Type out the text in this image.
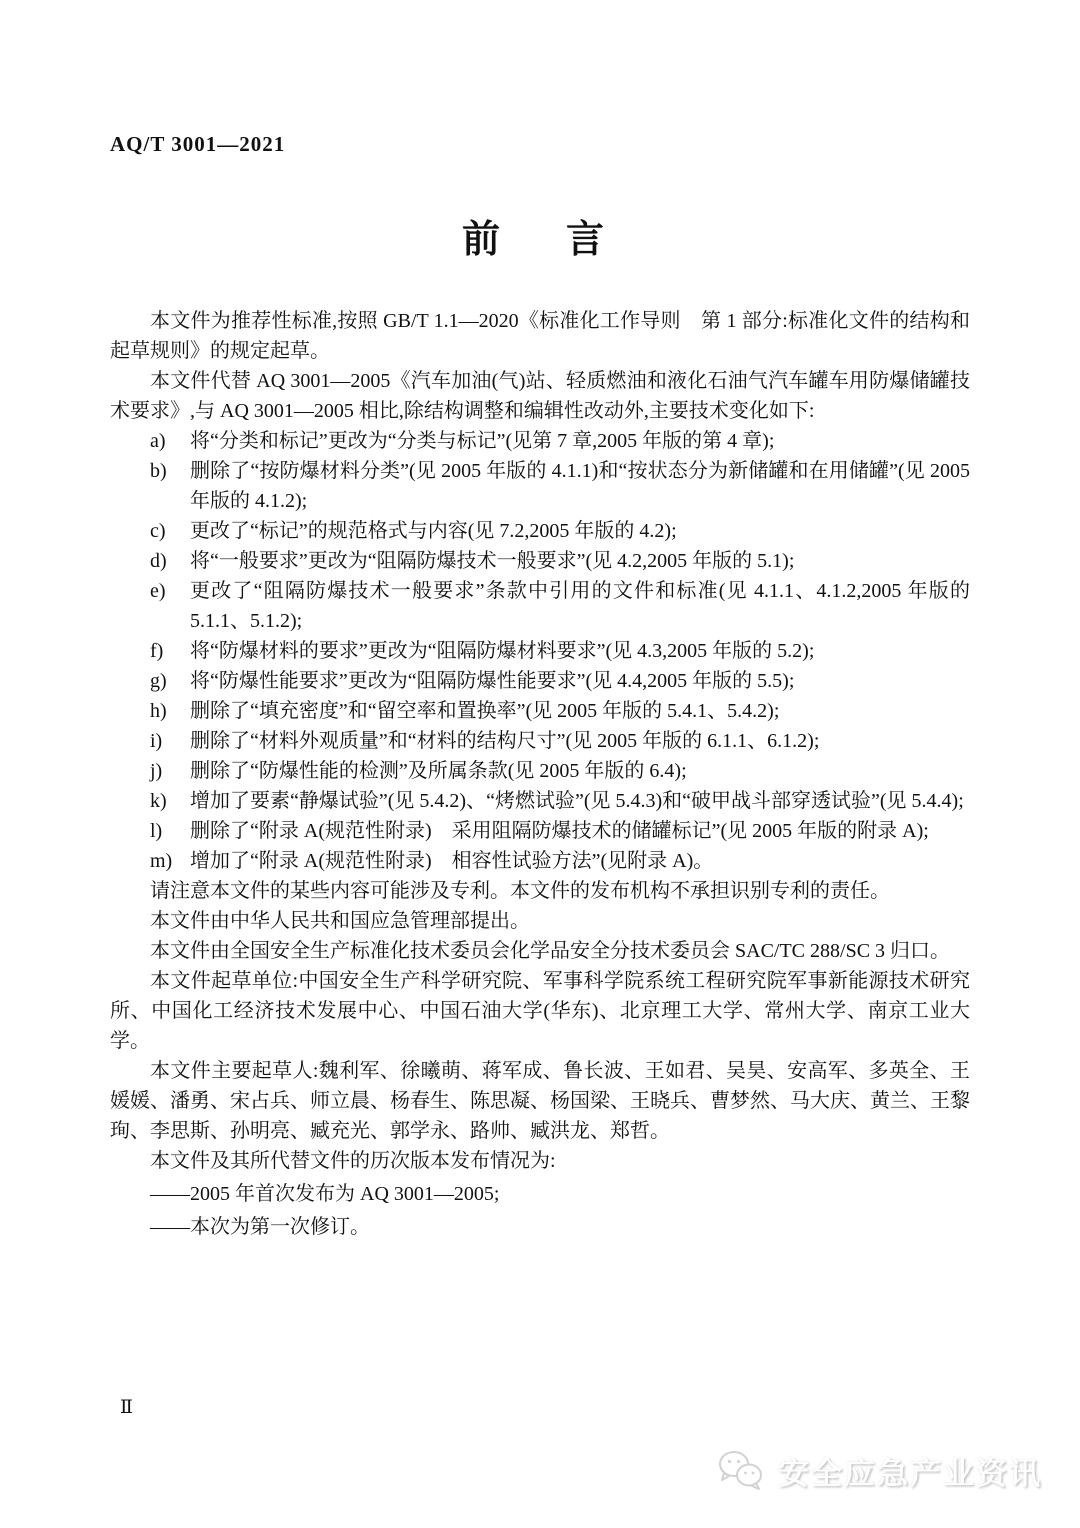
AQ/T 3001—2021
前　言

本文件为推荐性标准,按照 GB/T 1.1—2020《标准化工作导则　第 1 部分:标准化文件的结构和起草规则》的规定起草。

本文件代替 AQ 3001—2005《汽车加油(气)站、轻质燃油和液化石油气汽车罐车用防爆储罐技术要求》,与 AQ 3001—2005 相比,除结构调整和编辑性改动外,主要技术变化如下:

a)	将“分类和标记”更改为“分类与标记”(见第 7 章,2005 年版的第 4 章);
b)	删除了“按防爆材料分类”(见 2005 年版的 4.1.1)和“按状态分为新储罐和在用储罐”(见 2005 年版的 4.1.2);
c)	更改了“标记”的规范格式与内容(见 7.2,2005 年版的 4.2);
d)	将“一般要求”更改为“阻隔防爆技术一般要求”(见 4.2,2005 年版的 5.1);
e)	更改了“阻隔防爆技术一般要求”条款中引用的文件和标准(见 4.1.1、4.1.2,2005 年版的 5.1.1、5.1.2);
f)	将“防爆材料的要求”更改为“阻隔防爆材料要求”(见 4.3,2005 年版的 5.2);
g)	将“防爆性能要求”更改为“阻隔防爆性能要求”(见 4.4,2005 年版的 5.5);
h)	删除了“填充密度”和“留空率和置换率”(见 2005 年版的 5.4.1、5.4.2);
i)	删除了“材料外观质量”和“材料的结构尺寸”(见 2005 年版的 6.1.1、6.1.2);
j)	删除了“防爆性能的检测”及所属条款(见 2005 年版的 6.4);
k)	增加了要素“静爆试验”(见 5.4.2)、“烤燃试验”(见 5.4.3)和“破甲战斗部穿透试验”(见 5.4.4);
l)	删除了“附录 A(规范性附录)　采用阻隔防爆技术的储罐标记”(见 2005 年版的附录 A);
m) 增加了“附录 A(规范性附录)　相容性试验方法”(见附录 A)。

请注意本文件的某些内容可能涉及专利。本文件的发布机构不承担识别专利的责任。

本文件由中华人民共和国应急管理部提出。

本文件由全国安全生产标准化技术委员会化学品安全分技术委员会 SAC/TC 288/SC 3 归口。

本文件起草单位:中国安全生产科学研究院、军事科学院系统工程研究院军事新能源技术研究所、中国化工经济技术发展中心、中国石油大学(华东)、北京理工大学、常州大学、南京工业大学。

本文件主要起草人:魏利军、徐曦萌、蒋军成、鲁长波、王如君、吴昊、安高军、多英全、王媛媛、潘勇、宋占兵、师立晨、杨春生、陈思凝、杨国梁、王晓兵、曹梦然、马大庆、黄兰、王黎珣、李思斯、孙明亮、臧充光、郭学永、路帅、臧洪龙、郑哲。

本文件及其所代替文件的历次版本发布情况为:

——2005 年首次发布为 AQ 3001—2005;

——本次为第一次修订。

Ⅱ
安全应急产业资讯
